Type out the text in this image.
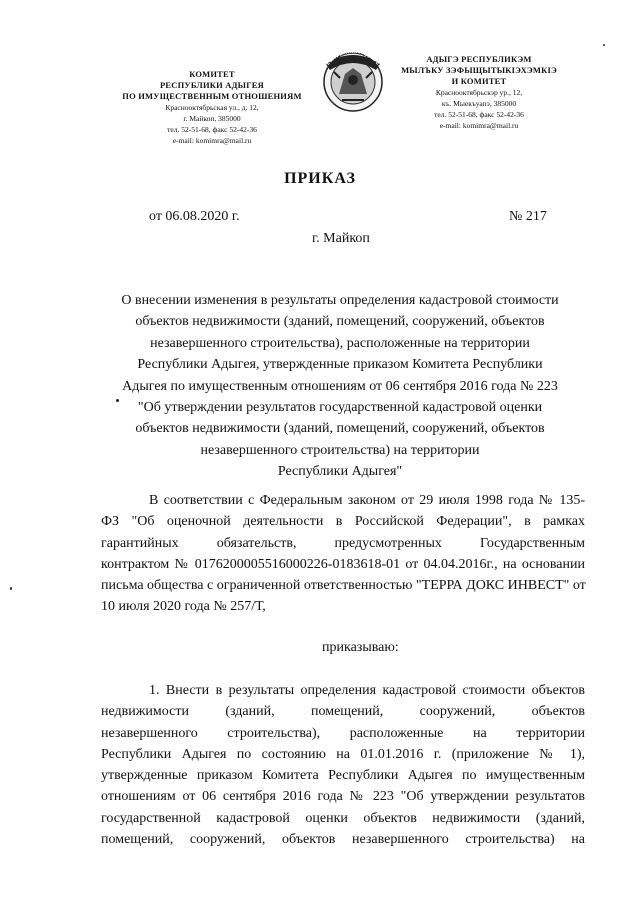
КОМИТЕТ
РЕСПУБЛИКИ АДЫГЕЯ
ПО ИМУЩЕСТВЕННЫМ ОТНОШЕНИЯМ
Краснооктябрьская ул., д. 12,
г. Майкоп, 385000
тел. 52-51-68, факс 52-42-36
e-mail: komimra@mail.ru
РЕСПУБЛИКА АДЫГЕЯ
АДЫГЭ РЕСПУБЛИКЭМ
МЫЛЪКУ ЗЭФЫЩЫТЫКІЭХЭМКІЭ
И КОМИТЕТ
Краснооктябрьскэр ур., 12,
къ. Мыекъуапэ, 385000
тел. 52-51-68, факс 52-42-36
e-mail: komimra@mail.ru
ПРИКАЗ
от 06.08.2020 г.	№ 217
г. Майкоп
О внесении изменения в результаты определения кадастровой стоимости
объектов недвижимости (зданий, помещений, сооружений, объектов
незавершенного строительства), расположенные на территории
Республики Адыгея, утвержденные приказом Комитета Республики
Адыгея по имущественным отношениям от 06 сентября 2016 года № 223
"Об утверждении результатов государственной кадастровой оценки
объектов недвижимости (зданий, помещений, сооружений, объектов
незавершенного строительства) на территории
Республики Адыгея"
В соответствии с Федеральным законом от 29 июля 1998 года № 135-
ФЗ "Об оценочной деятельности в Российской Федерации", в рамках
гарантийных обязательств, предусмотренных Государственным
контрактом № 0176200005516000226-0183618-01 от 04.04.2016г., на основании
письма общества с ограниченной ответственностью "ТЕРРА ДОКС ИНВЕСТ" от
10 июля 2020 года № 257/Т,
приказываю:
1. Внести в результаты определения кадастровой стоимости объектов
недвижимости (зданий, помещений, сооружений, объектов
незавершенного строительства), расположенные на территории
Республики Адыгея по состоянию на 01.01.2016 г. (приложение № 1),
утвержденные приказом Комитета Республики Адыгея по имущественным
отношениям от 06 сентября 2016 года № 223 "Об утверждении результатов
государственной кадастровой оценки объектов недвижимости (зданий,
помещений, сооружений, объектов незавершенного строительства) на
